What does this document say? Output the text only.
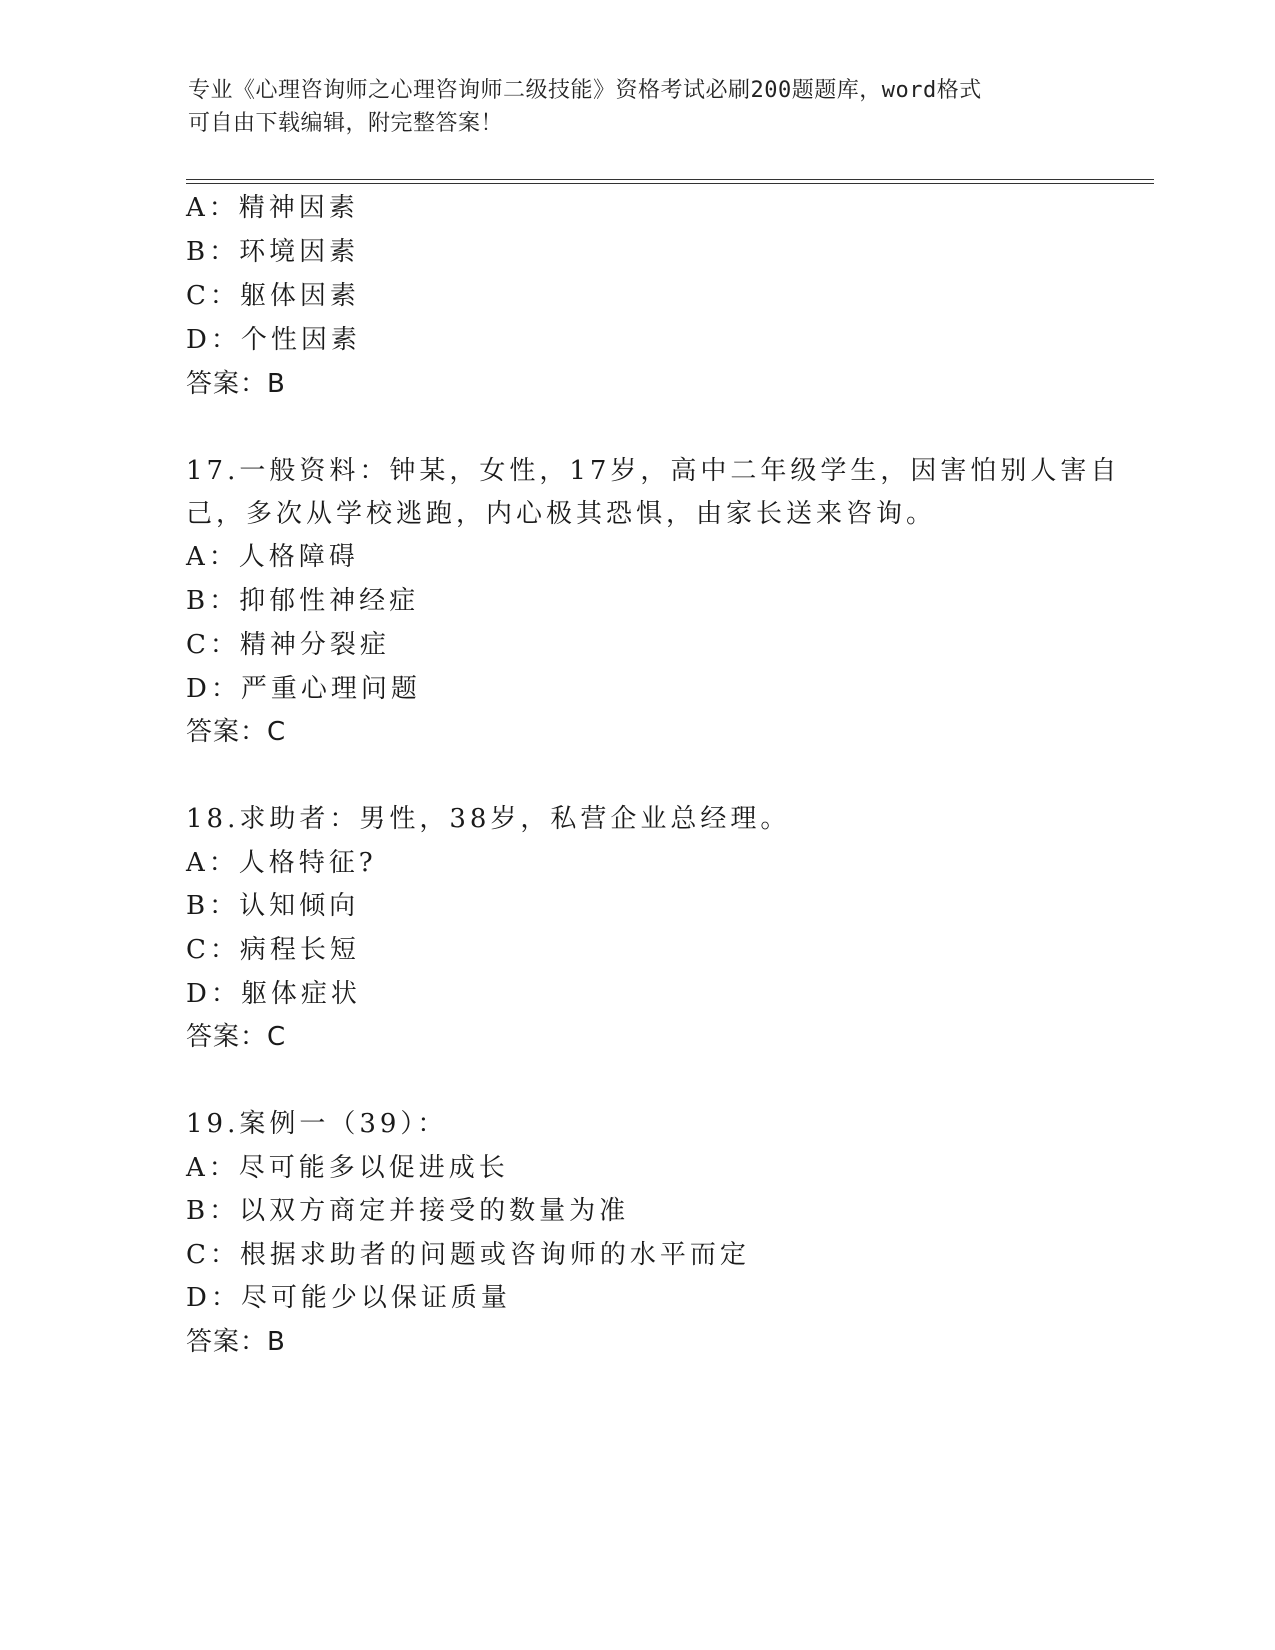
专业《心理咨询师之心理咨询师二级技能》资格考试必刷200题题库，word格式
可自由下载编辑，附完整答案！
A：精神因素
B：环境因素
C：躯体因素
D：个性因素
答案：B
17.一般资料：钟某，女性，17岁，高中二年级学生，因害怕别人害自
己，多次从学校逃跑，内心极其恐惧，由家长送来咨询。
A：人格障碍
B：抑郁性神经症
C：精神分裂症
D：严重心理问题
答案：C
18.求助者：男性，38岁，私营企业总经理。
A：人格特征?
B：认知倾向
C：病程长短
D：躯体症状
答案：C
19.案例一（39）：
A：尽可能多以促进成长
B：以双方商定并接受的数量为准
C：根据求助者的问题或咨询师的水平而定
D：尽可能少以保证质量
答案：B
